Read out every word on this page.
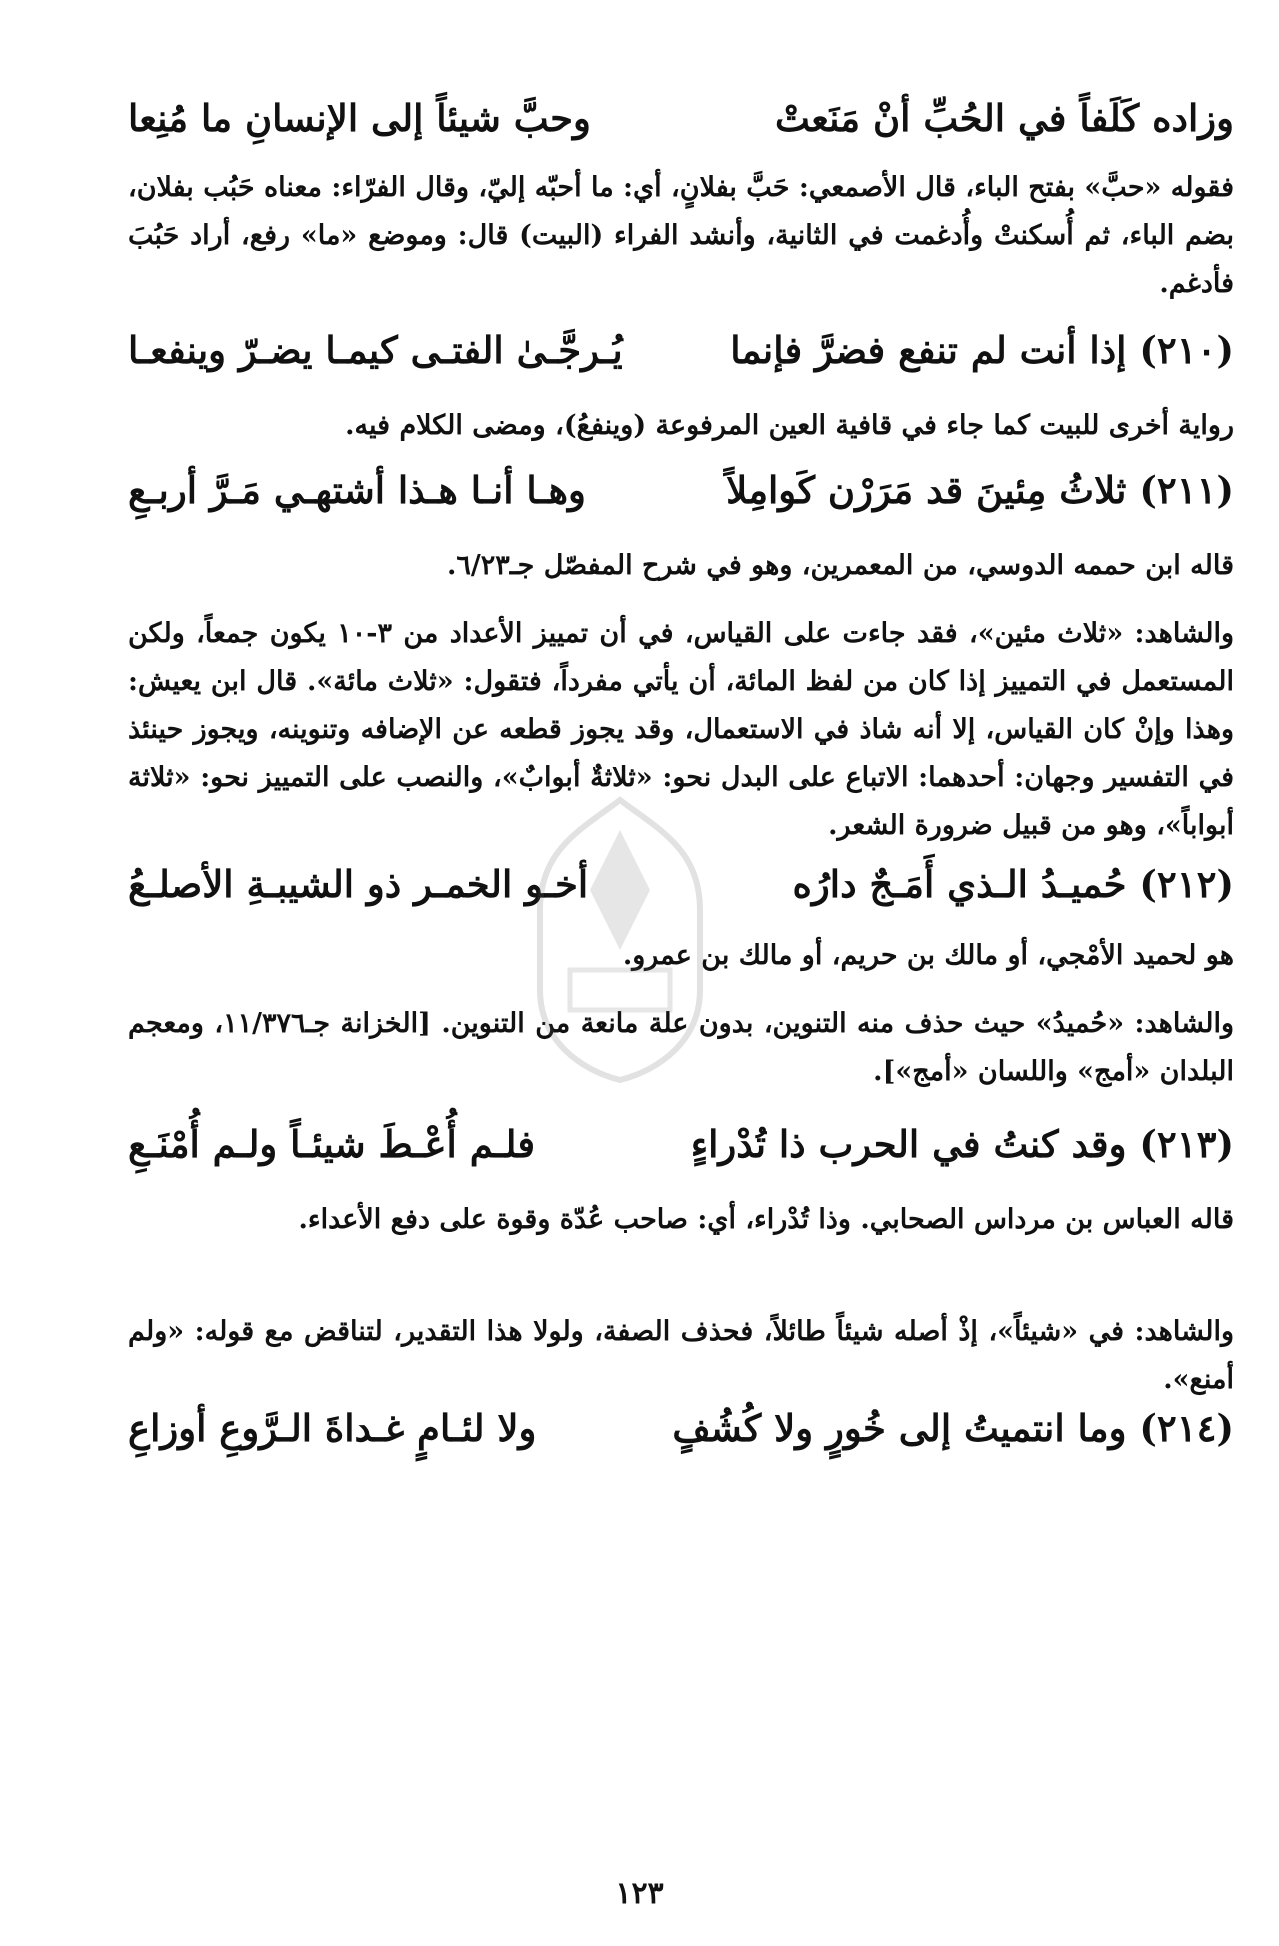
وزاده كَلَفاً في الحُبِّ أنْ مَنَعتْ
وحبَّ شيئاً إلى الإنسانِ ما مُنِعا
فقوله «حبَّ» بفتح الباء، قال الأصمعي: حَبَّ بفلانٍ، أي: ما أحبّه إليّ، وقال الفرّاء: معناه حَبُب بفلان، بضم الباء، ثم أُسكنتْ وأُدغمت في الثانية، وأنشد الفراء (البيت) قال: وموضع «ما» رفع، أراد حَبُبَ فأدغم.
(٢١٠) إذا أنت لم تنفع فضرَّ فإنما
يُـرجَّـىٰ الفتـى كيمـا يضـرّ وينفعـا
رواية أخرى للبيت كما جاء في قافية العين المرفوعة (وينفعُ)، ومضى الكلام فيه.
(٢١١) ثلاثُ مِئينَ قد مَرَرْن كَوامِلاً
وهـا أنـا هـذا أشتهـي مَـرَّ أربـعِ
قاله ابن حممه الدوسي، من المعمرين، وهو في شرح المفصّل جـ٦/٢٣.
والشاهد: «ثلاث مئين»، فقد جاءت على القياس، في أن تمييز الأعداد من ٣-١٠ يكون جمعاً، ولكن المستعمل في التمييز إذا كان من لفظ المائة، أن يأتي مفرداً، فتقول: «ثلاث مائة». قال ابن يعيش: وهذا وإنْ كان القياس، إلا أنه شاذ في الاستعمال، وقد يجوز قطعه عن الإضافه وتنوينه، ويجوز حينئذ في التفسير وجهان: أحدهما: الاتباع على البدل نحو: «ثلاثةٌ أبوابٌ»، والنصب على التمييز نحو: «ثلاثة أبواباً»، وهو من قبيل ضرورة الشعر.
(٢١٢) حُميـدُ الـذي أَمَـجٌ دارُه
أخـو الخمـر ذو الشيبـةِ الأصلـعُ
هو لحميد الأمْجي، أو مالك بن حريم، أو مالك بن عمرو.
والشاهد: «حُميدُ» حيث حذف منه التنوين، بدون علة مانعة من التنوين. [الخزانة جـ١١/٣٧٦، ومعجم البلدان «أمج» واللسان «أمج»].
(٢١٣) وقد كنتُ في الحرب ذا تُدْراءٍ
فلـم أُعْـطَ شيئـاً ولـم أُمْنَـعِ
قاله العباس بن مرداس الصحابي. وذا تُدْراء، أي: صاحب عُدّة وقوة على دفع الأعداء.
والشاهد: في «شيئاً»، إذْ أصله شيئاً طائلاً، فحذف الصفة، ولولا هذا التقدير، لتناقض مع قوله: «ولم أمنع».
(٢١٤) وما انتميتُ إلى خُورٍ ولا كُشُفٍ
ولا لئـامٍ غـداةَ الـرَّوعِ أوزاعِ
١٢٣
